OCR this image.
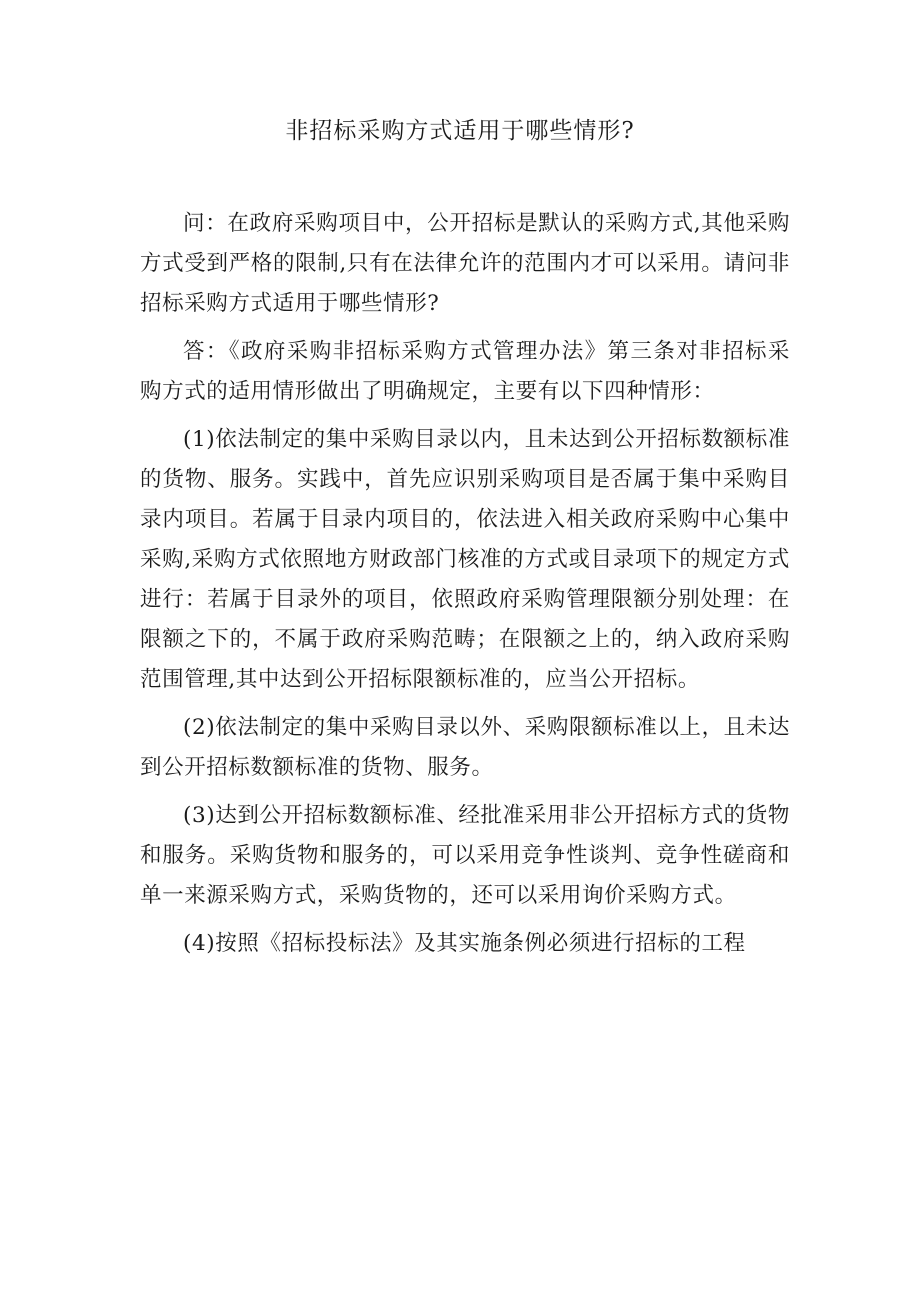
非招标采购方式适用于哪些情形?

问：在政府采购项目中，公开招标是默认的采购方式,其他采购方式受到严格的限制,只有在法律允许的范围内才可以采用。请问非招标采购方式适用于哪些情形?

答：《政府采购非招标采购方式管理办法》第三条对非招标采购方式的适用情形做出了明确规定，主要有以下四种情形：

(1)依法制定的集中采购目录以内，且未达到公开招标数额标准的货物、服务。实践中，首先应识别采购项目是否属于集中采购目录内项目。若属于目录内项目的，依法进入相关政府采购中心集中采购,采购方式依照地方财政部门核准的方式或目录项下的规定方式进行：若属于目录外的项目，依照政府采购管理限额分别处理：在限额之下的，不属于政府采购范畴；在限额之上的，纳入政府采购范围管理,其中达到公开招标限额标准的，应当公开招标。

(2)依法制定的集中采购目录以外、采购限额标准以上，且未达到公开招标数额标准的货物、服务。

(3)达到公开招标数额标准、经批准采用非公开招标方式的货物和服务。采购货物和服务的，可以采用竞争性谈判、竞争性磋商和单一来源采购方式，采购货物的，还可以采用询价采购方式。

(4)按照《招标投标法》及其实施条例必须进行招标的工程
